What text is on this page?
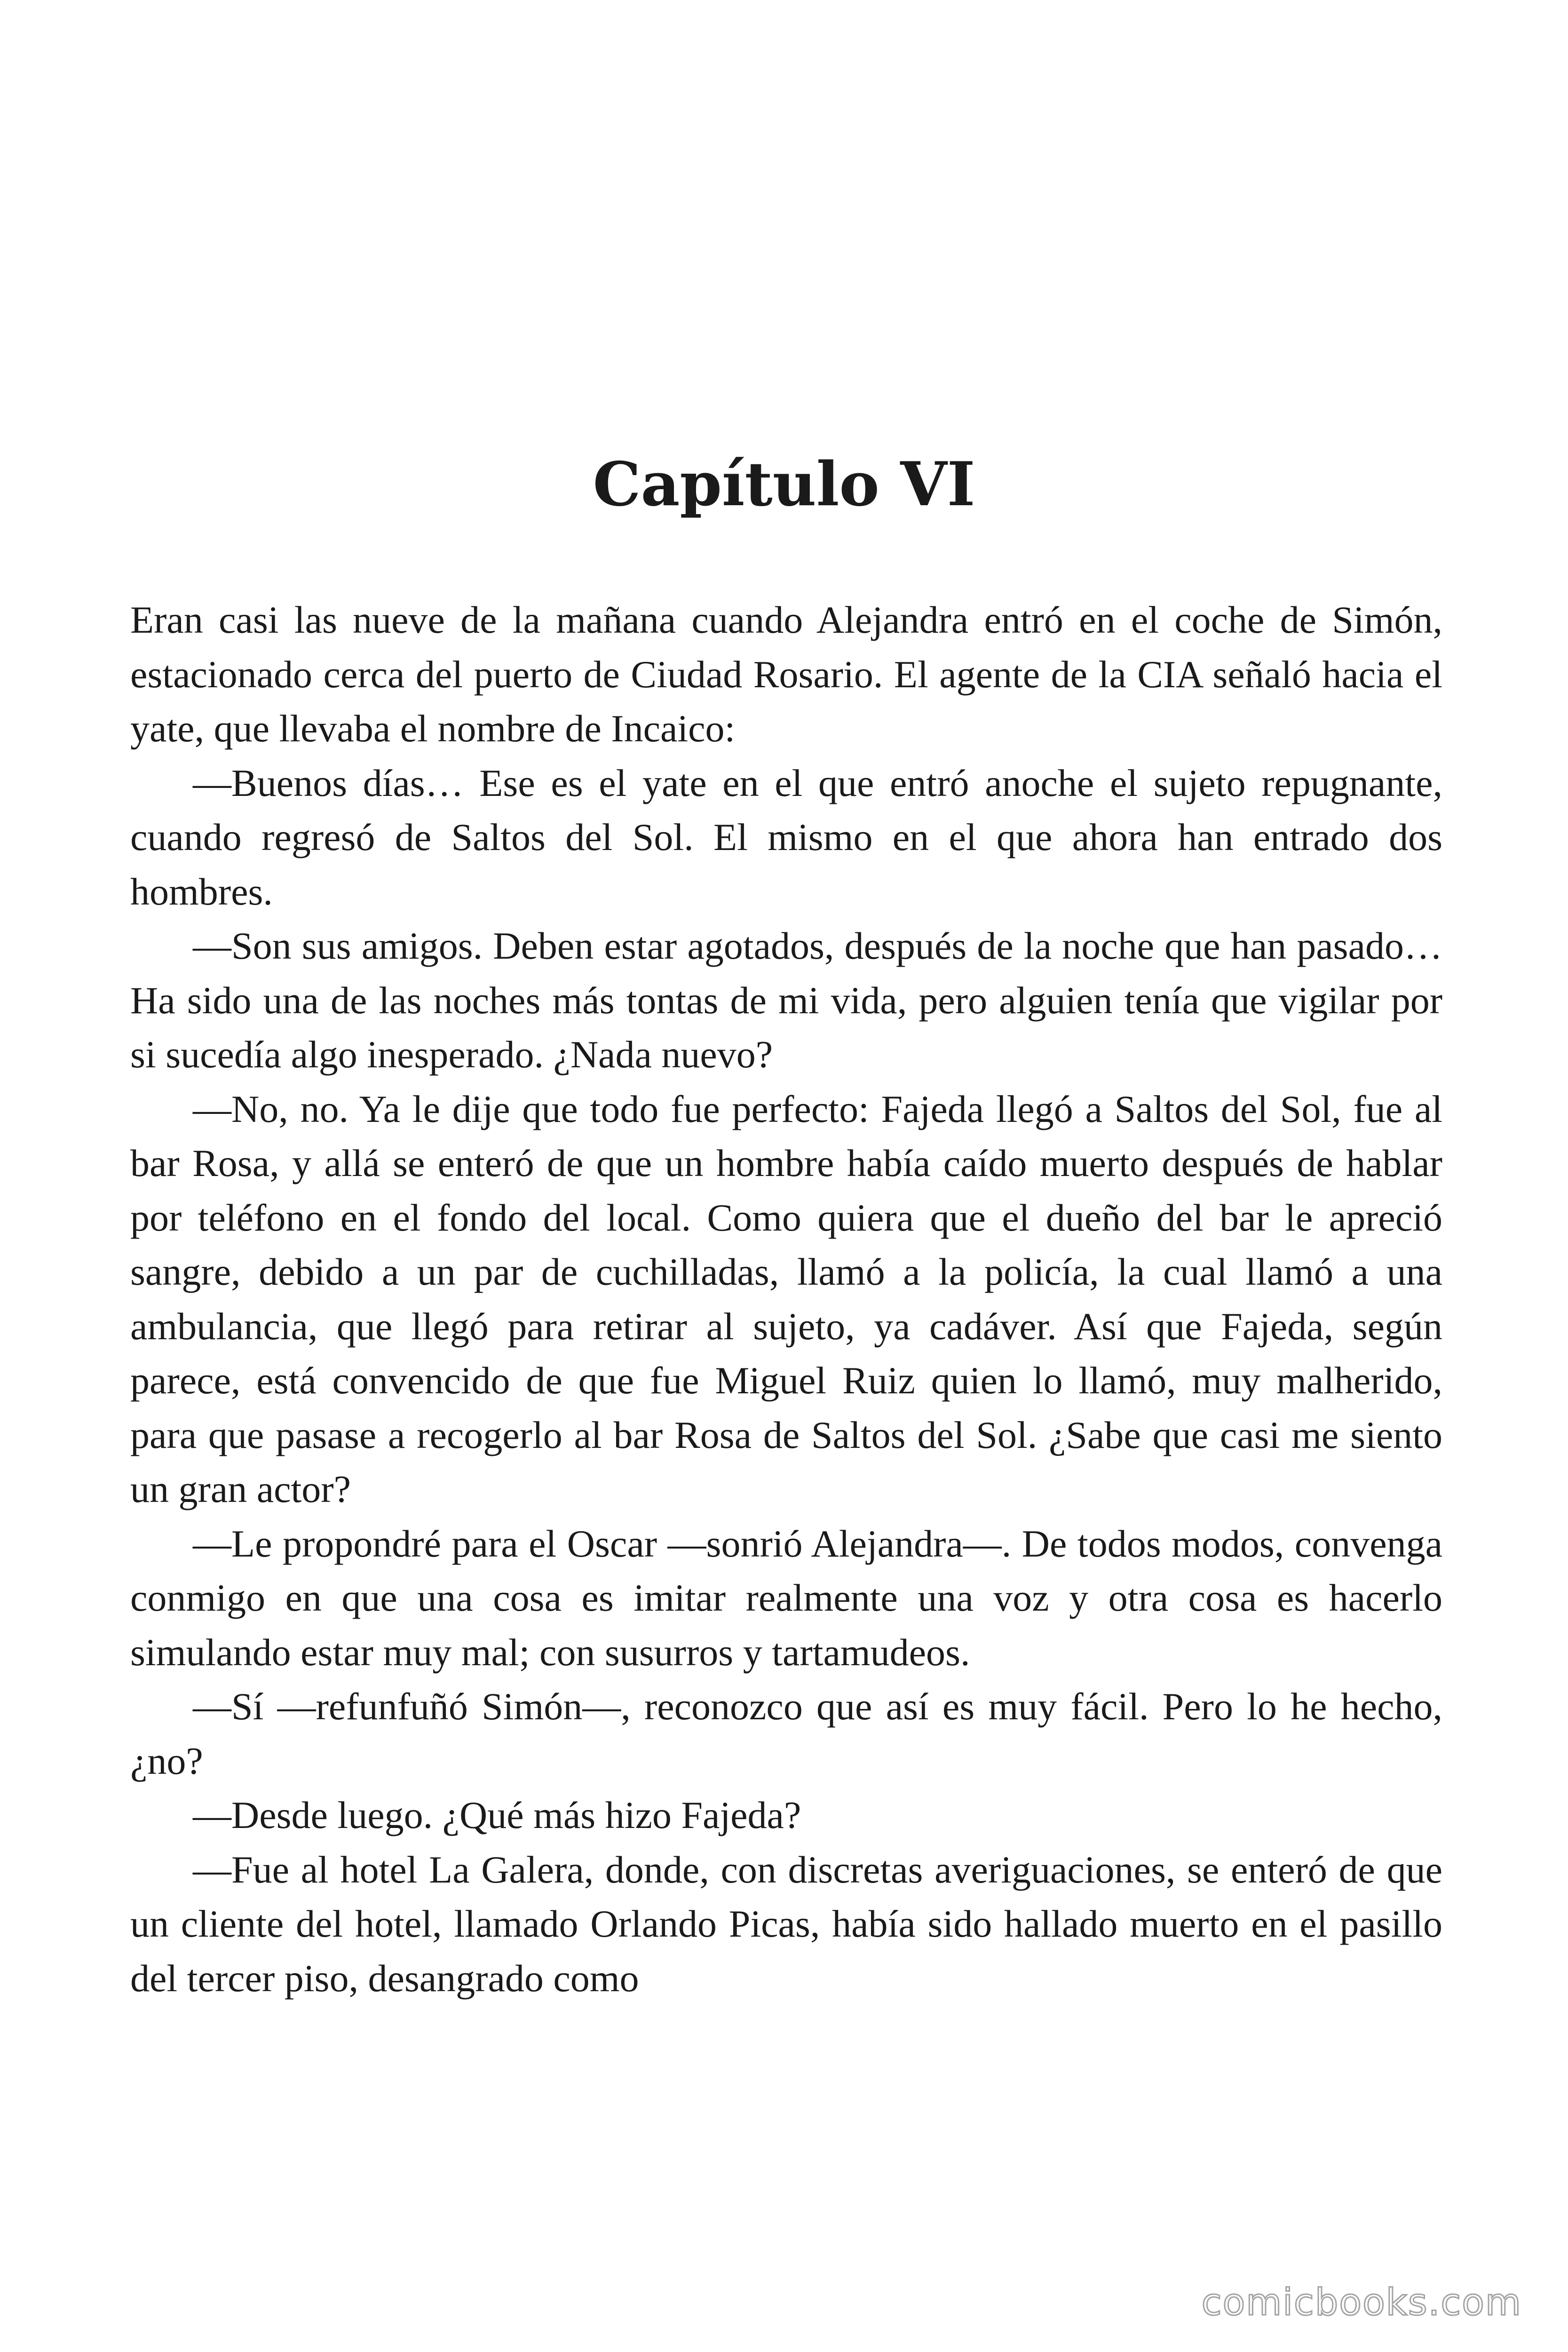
Capítulo VI

Eran casi las nueve de la mañana cuando Alejandra entró en el coche de Simón, estacionado cerca del puerto de Ciudad Rosario. El agente de la CIA señaló hacia el yate, que llevaba el nombre de Incaico:

—Buenos días… Ese es el yate en el que entró anoche el sujeto repugnante, cuando regresó de Saltos del Sol. El mismo en el que ahora han entrado dos hombres.

—Son sus amigos. Deben estar agotados, después de la noche que han pasado… Ha sido una de las noches más tontas de mi vida, pero alguien tenía que vigilar por si sucedía algo inesperado. ¿Nada nuevo?

—No, no. Ya le dije que todo fue perfecto: Fajeda llegó a Saltos del Sol, fue al bar Rosa, y allá se enteró de que un hombre había caído muerto después de hablar por teléfono en el fondo del local. Como quiera que el dueño del bar le apreció sangre, debido a un par de cuchilladas, llamó a la policía, la cual llamó a una ambulancia, que llegó para retirar al sujeto, ya cadáver. Así que Fajeda, según parece, está convencido de que fue Miguel Ruiz quien lo llamó, muy malherido, para que pasase a recogerlo al bar Rosa de Saltos del Sol. ¿Sabe que casi me siento un gran actor?

—Le propondré para el Oscar —sonrió Alejandra—. De todos modos, convenga conmigo en que una cosa es imitar realmente una voz y otra cosa es hacerlo simulando estar muy mal; con susurros y tartamudeos.

—Sí —refunfuñó Simón—, reconozco que así es muy fácil. Pero lo he hecho, ¿no?

—Desde luego. ¿Qué más hizo Fajeda?

—Fue al hotel La Galera, donde, con discretas averiguaciones, se enteró de que un cliente del hotel, llamado Orlando Picas, había sido hallado muerto en el pasillo del tercer piso, desangrado como

comicbooks.com
